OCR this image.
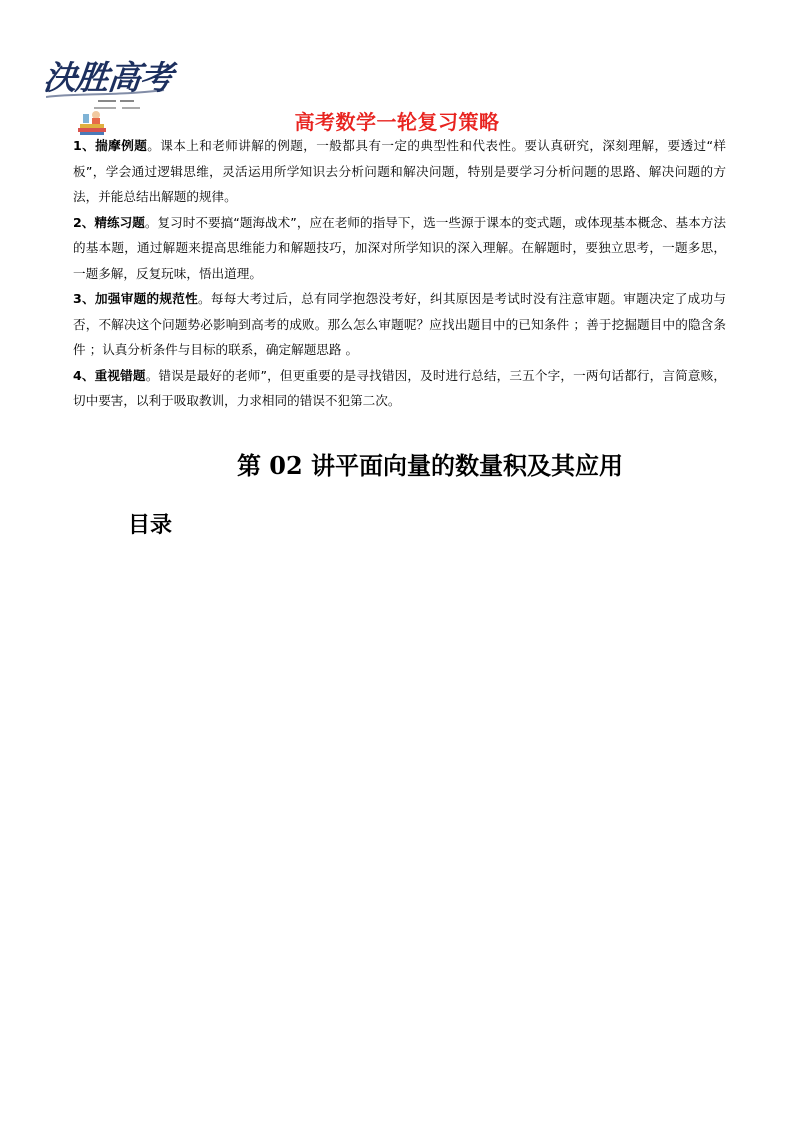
決胜高考
高考数学一轮复习策略

1、揣摩例题。课本上和老师讲解的例题，一般都具有一定的典型性和代表性。要认真研究，深刻理解，要透过“样板”，学会通过逻辑思维，灵活运用所学知识去分析问题和解决问题，特别是要学习分析问题的思路、解决问题的方法，并能总结出解题的规律。

2、精练习题。复习时不要搞“题海战术”，应在老师的指导下，选一些源于课本的变式题，或体现基本概念、基本方法的基本题，通过解题来提高思维能力和解题技巧，加深对所学知识的深入理解。在解题时，要独立思考，一题多思，一题多解，反复玩味，悟出道理。

3、加强审题的规范性。每每大考过后，总有同学抱怨没考好，纠其原因是考试时没有注意审题。审题决定了成功与否，不解决这个问题势必影响到高考的成败。那么怎么审题呢？应找出题目中的已知条件 ；善于挖掘题目中的隐含条件 ；认真分析条件与目标的联系，确定解题思路 。

4、重视错题。错误是最好的老师”，但更重要的是寻找错因，及时进行总结，三五个字，一两句话都行，言简意赅，切中要害，以利于吸取教训，力求相同的错误不犯第二次。

第 02 讲平面向量的数量积及其应用
目录
